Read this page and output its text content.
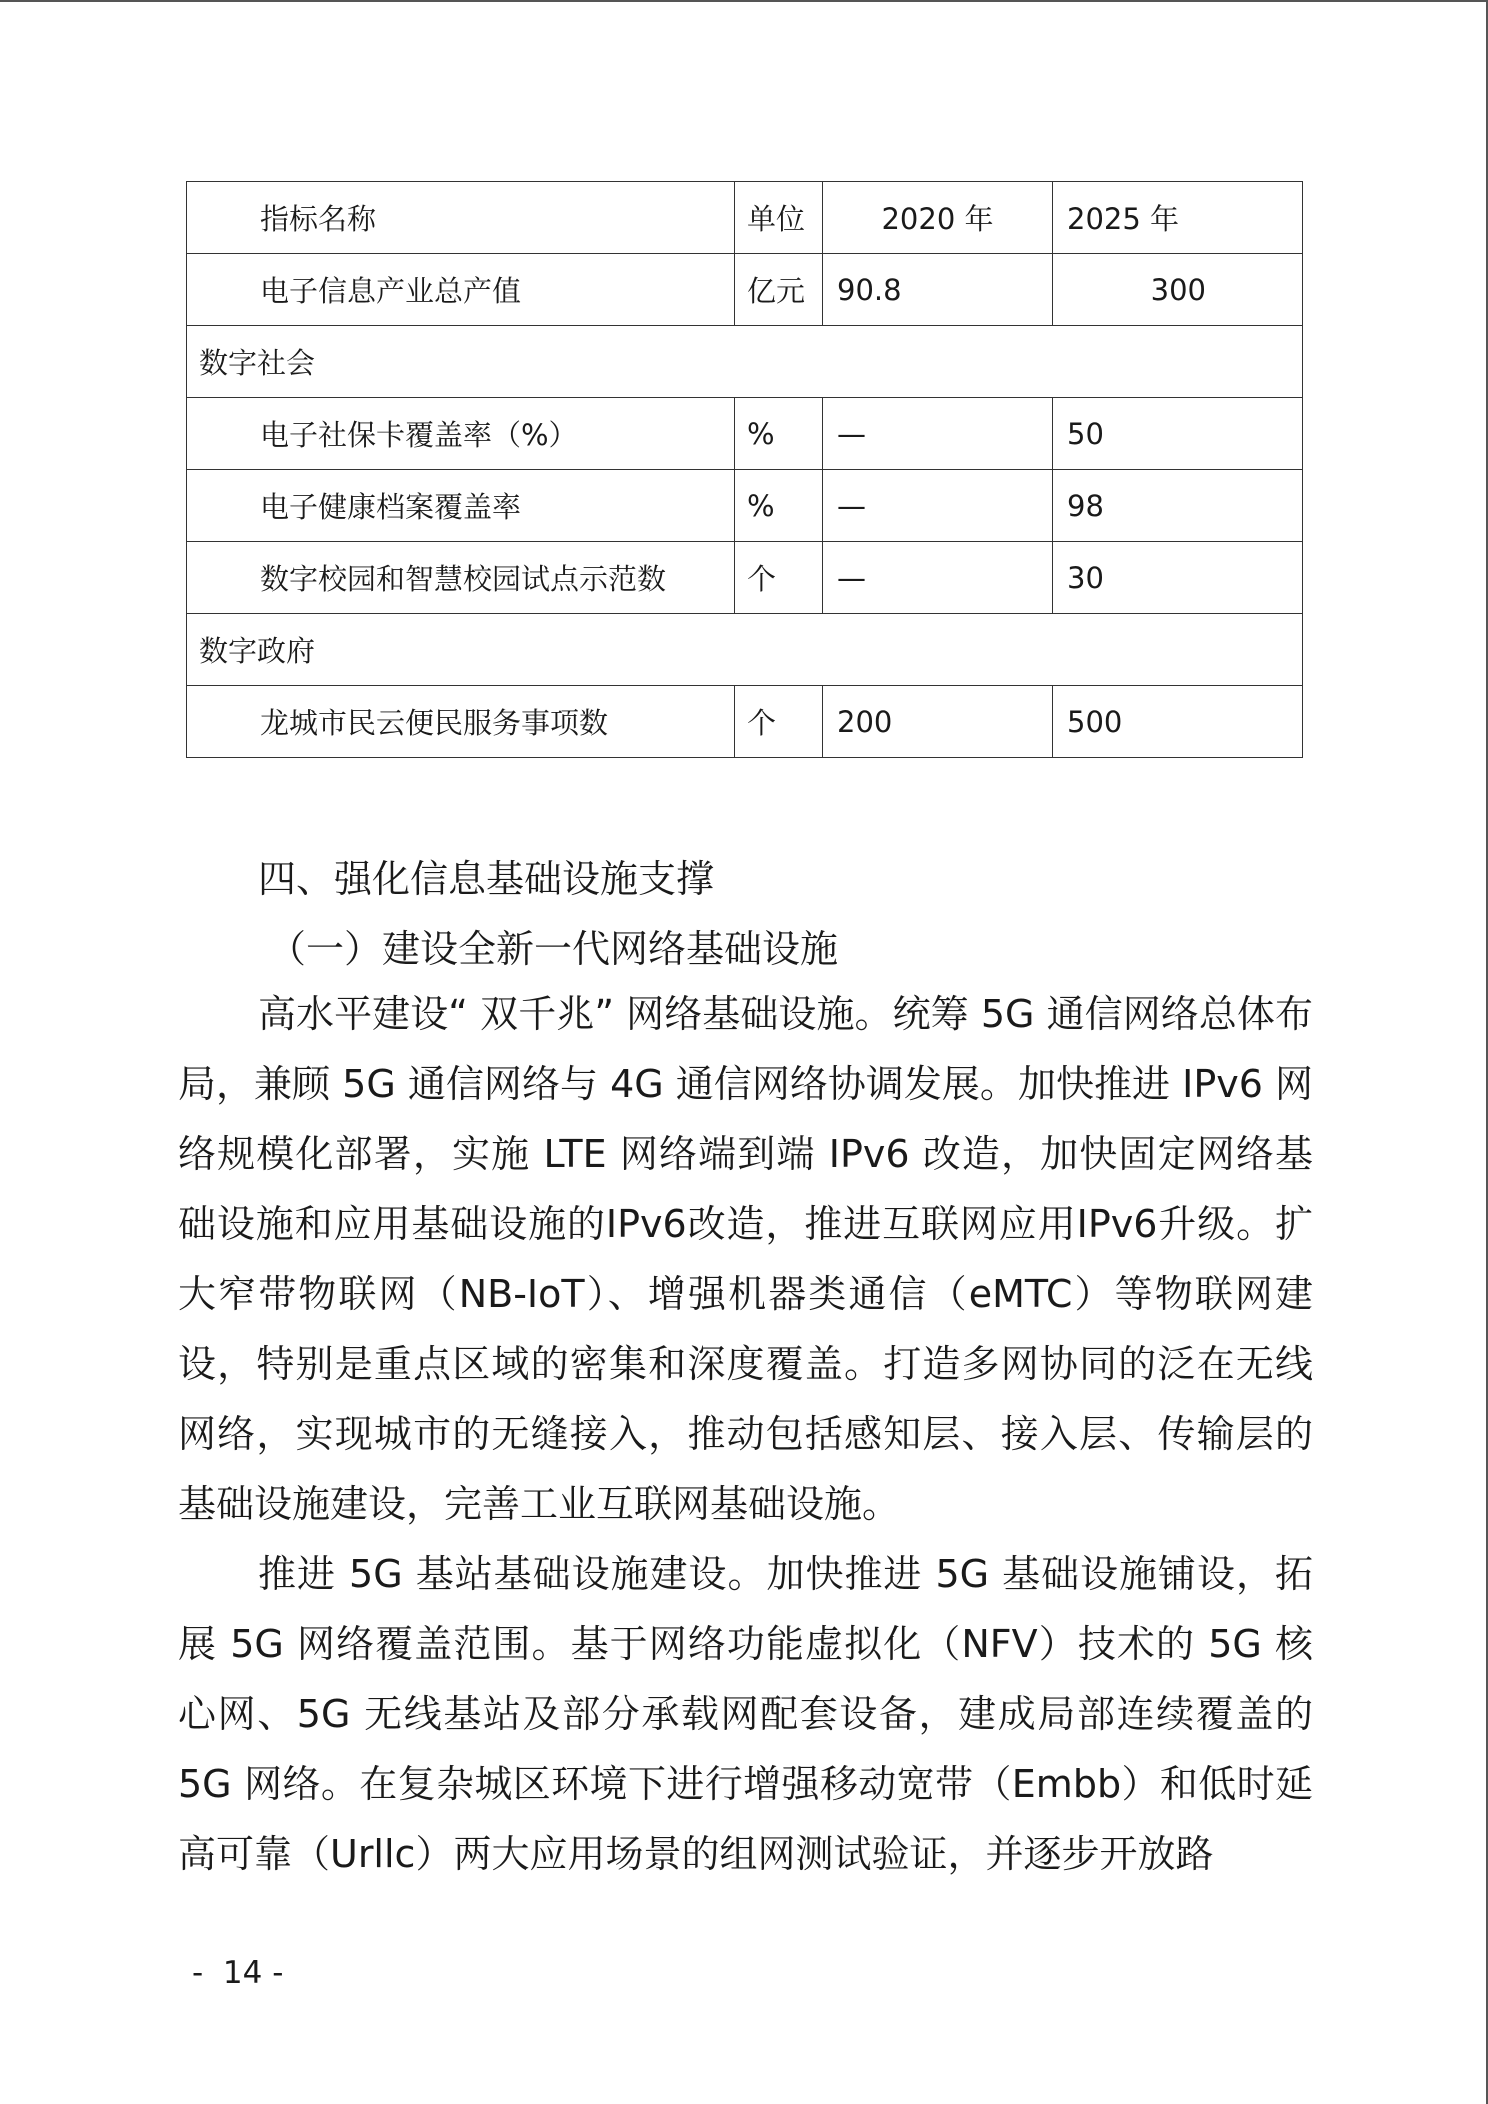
指标名称	单位	2020 年	2025 年
电子信息产业总产值	亿元	90.8	300
数字社会			
电子社保卡覆盖率（%）	%	—	50
电子健康档案覆盖率	%	—	98
数字校园和智慧校园试点示范数	个	—	30
数字政府			
龙城市民云便民服务事项数	个	200	500
四、强化信息基础设施支撑
（一）建设全新一代网络基础设施

高水平建设“ 双千兆” 网络基础设施。统筹 5G 通信网络总体布局，兼顾 5G 通信网络与 4G 通信网络协调发展。加快推进 IPv6 网络规模化部署，实施 LTE 网络端到端 IPv6 改造，加快固定网络基础设施和应用基础设施的IPv6改造，推进互联网应用IPv6升级。扩大窄带物联网（NB-IoT）、增强机器类通信（eMTC）等物联网建设，特别是重点区域的密集和深度覆盖。打造多网协同的泛在无线网络，实现城市的无缝接入，推动包括感知层、接入层、传输层的基础设施建设，完善工业互联网基础设施。

推进 5G 基站基础设施建设。加快推进 5G 基础设施铺设，拓展 5G 网络覆盖范围。基于网络功能虚拟化（NFV）技术的 5G 核心网、5G 无线基站及部分承载网配套设备，建成局部连续覆盖的 5G 网络。在复杂城区环境下进行增强移动宽带（Embb）和低时延高可靠（Urllc）两大应用场景的组网测试验证，并逐步开放路

-  14 -
